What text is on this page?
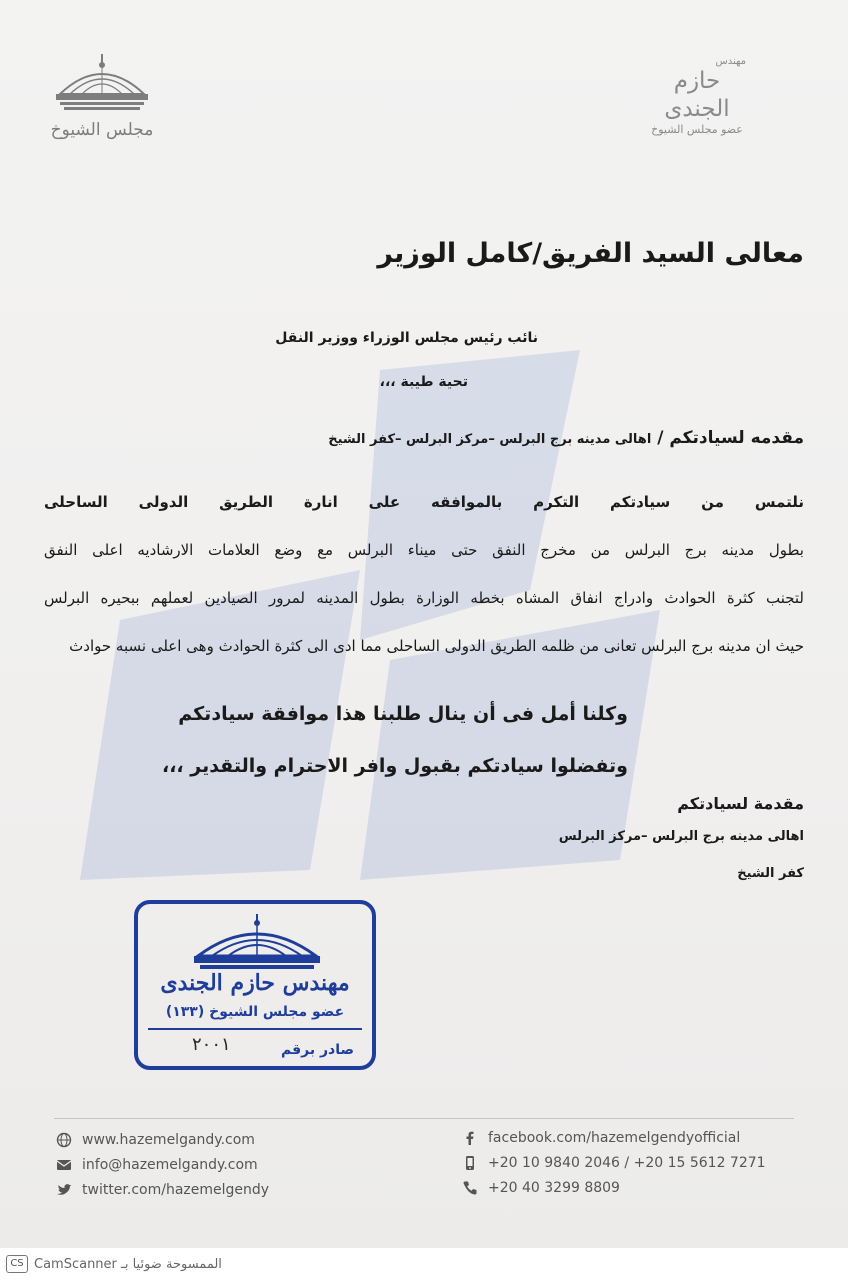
مجلس الشيوخ
مهندس
حازم الجندى
عضو مجلس الشيوخ
معالى السيد الفريق/كامل الوزير
نائب رئيس مجلس الوزراء ووزير النقل
تحية طيبة ،،،
مقدمه لسيادتكم / اهالى مدينه برج البرلس –مركز البرلس –كفر الشيخ

نلتمس من سيادتكم التكرم بالموافقه على انارة الطريق الدولى الساحلى

بطول مدينه برج البرلس من مخرج النفق حتى ميناء البرلس مع وضع العلامات الارشاديه اعلى النفق

لتجنب كثرة الحوادث وادراج انفاق المشاه بخطه الوزارة بطول المدينه لمرور الصيادين لعملهم ببحيره البرلس

حيث ان مدينه برج البرلس تعانى من ظلمه الطريق الدولى الساحلى مما ادى الى كثرة الحوادث وهى اعلى نسبه حوادث

وكلنا أمل فى أن ينال طلبنا هذا موافقة سيادتكم
وتفضلوا سيادتكم بقبول وافر الاحترام والتقدير ،،،
مقدمة لسيادتكم
اهالى مدينه برج البرلس –مركز البرلس
كفر الشيخ
مهندس حازم الجندى
عضو مجلس الشيوخ (١٣٣)
صادر برقم
٢٠٠١
www.hazemelgandy.com
info@hazemelgandy.com
twitter.com/hazemelgendy
facebook.com/hazemelgendyofficial
+20 10 9840 2046 / +20 15 5612 7271
+20 40 3299 8809
CS CamScanner الممسوحة ضوئيا بـ
